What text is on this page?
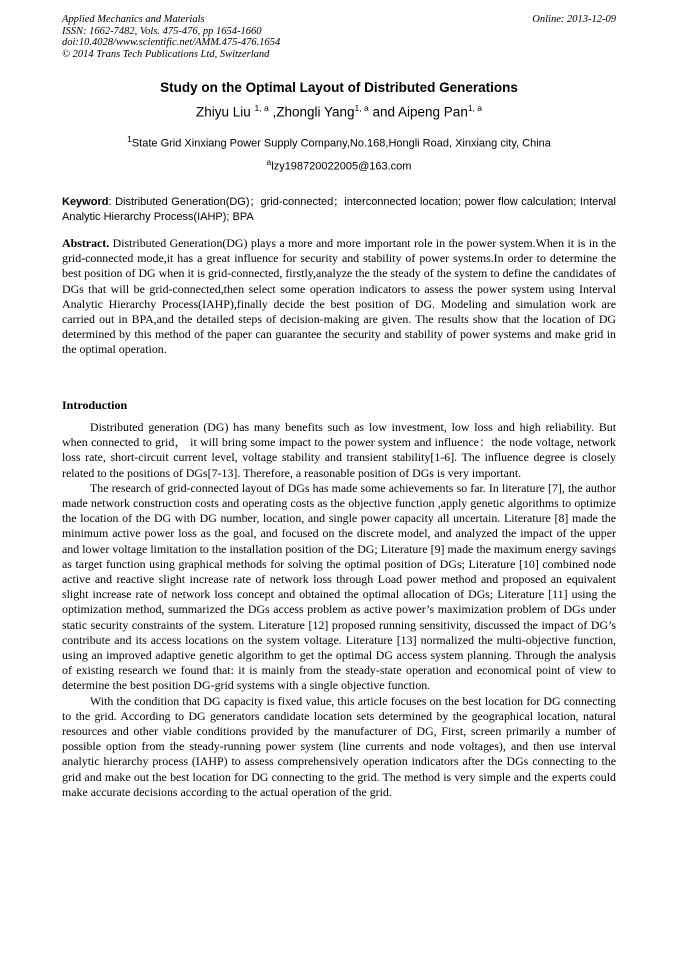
Applied Mechanics and Materials
ISSN: 1662-7482, Vols. 475-476, pp 1654-1660
doi:10.4028/www.scientific.net/AMM.475-476.1654
© 2014 Trans Tech Publications Ltd, Switzerland
Online: 2013-12-09
Study on the Optimal Layout of Distributed Generations
Zhiyu Liu $^{1, a}$ ,Zhongli Yang$^{1, a}$ and Aipeng Pan$^{1, a}$
$^1$State Grid Xinxiang Power Supply Company,No.168,Hongli Road, Xinxiang city, China
$^a$lzy198720022005@163.com
Keyword: Distributed Generation(DG)；grid-connected；interconnected location; power flow calculation; Interval Analytic Hierarchy Process(IAHP); BPA
Abstract. Distributed Generation(DG) plays a more and more important role in the power system.When it is in the grid-connected mode,it has a great influence for security and stability of power systems.In order to determine the best position of DG when it is grid-connected, firstly,analyze the the steady of the system to define the candidates of DGs that will be grid-connected,then select some operation indicators to assess the power system using Interval Analytic Hierarchy Process(IAHP),finally decide the best position of DG. Modeling and simulation work are carried out in BPA,and the detailed steps of decision-making are given. The results show that the location of DG determined by this method of the paper can guarantee the security and stability of power systems and make grid in the optimal operation.
Introduction

Distributed generation (DG) has many benefits such as low investment, low loss and high reliability. But when connected to grid， it will bring some impact to the power system and influence：the node voltage, network loss rate, short-circuit current level, voltage stability and transient stability[1-6]. The influence degree is closely related to the positions of DGs[7-13]. Therefore, a reasonable position of DGs is very important.

The research of grid-connected layout of DGs has made some achievements so far. In literature [7], the author made network construction costs and operating costs as the objective function ,apply genetic algorithms to optimize the location of the DG with DG number, location, and single power capacity all uncertain. Literature [8] made the minimum active power loss as the goal, and focused on the discrete model, and analyzed the impact of the upper and lower voltage limitation to the installation position of the DG; Literature [9] made the maximum energy savings as target function using graphical methods for solving the optimal position of DGs; Literature [10] combined node active and reactive slight increase rate of network loss through Load power method and proposed an equivalent slight increase rate of network loss concept and obtained the optimal allocation of DGs; Literature [11] using the optimization method, summarized the DGs access problem as active power’s maximization problem of DGs under static security constraints of the system. Literature [12] proposed running sensitivity, discussed the impact of DG’s contribute and its access locations on the system voltage. Literature [13] normalized the multi-objective function, using an improved adaptive genetic algorithm to get the optimal DG access system planning. Through the analysis of existing research we found that: it is mainly from the steady-state operation and economical point of view to determine the best position DG-grid systems with a single objective function.

With the condition that DG capacity is fixed value, this article focuses on the best location for DG connecting to the grid. According to DG generators candidate location sets determined by the geographical location, natural resources and other viable conditions provided by the manufacturer of DG, First, screen primarily a number of possible option from the steady-running power system (line currents and node voltages), and then use interval analytic hierarchy process (IAHP) to assess comprehensively operation indicators after the DGs connecting to the grid and make out the best location for DG connecting to the grid. The method is very simple and the experts could make accurate decisions according to the actual operation of the grid.
